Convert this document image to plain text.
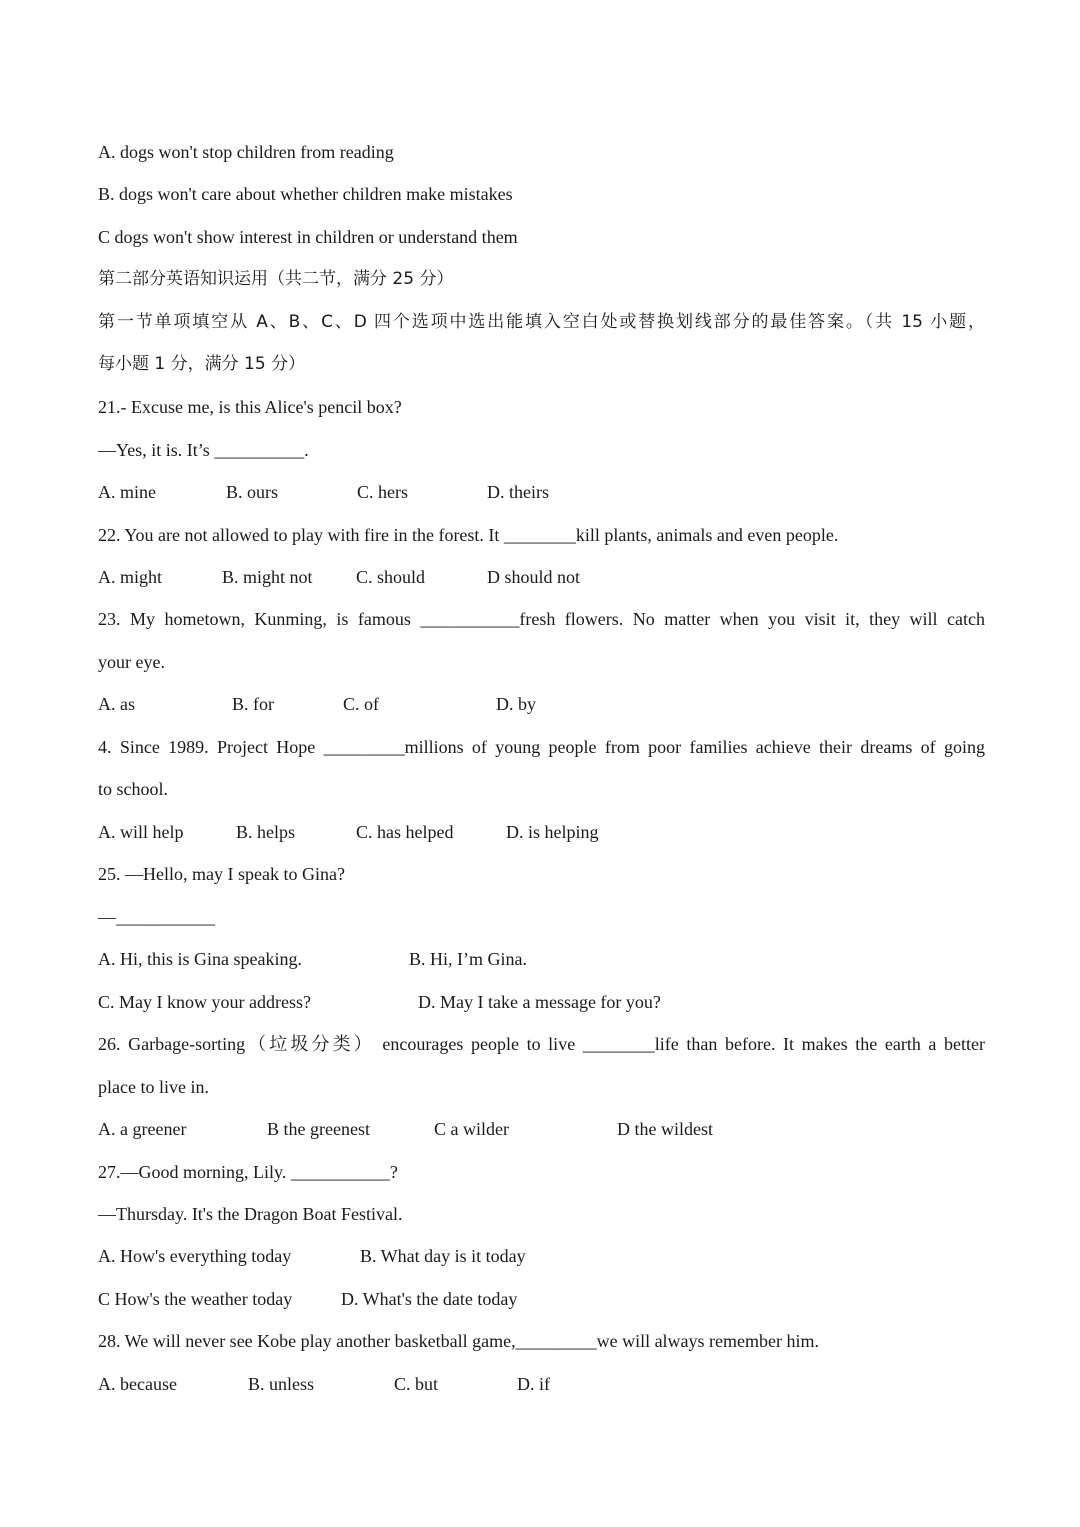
A. dogs won't stop children from reading

B. dogs won't care about whether children make mistakes

C dogs won't show interest in children or understand them

第二部分英语知识运用（共二节，满分 25 分）

第一节单项填空从 A、B、C、D 四个选项中选出能填入空白处或替换划线部分的最佳答案。（共 15 小题，

每小题 1 分，满分 15 分）

21.- Excuse me, is this Alice's pencil box?

—Yes, it is. It’s __________.

A. mine	B. ours	C. hers	D. theirs

22. You are not allowed to play with fire in the forest. It ________kill plants, animals and even people.

A. might	B. might not C. should	D should not

23. My hometown, Kunming, is famous ___________fresh flowers. No matter when you visit it, they will catch

your eye.

A. as	B. for	C. of	D. by

4. Since 1989. Project Hope _________millions of young people from poor families achieve their dreams of going

to school.

A. will help	B. helps	C. has helped	D. is helping

25. —Hello, may I speak to Gina?

—___________

A. Hi, this is Gina speaking.	B. Hi, I’m Gina.
C. May I know your address?	D. May I take a message for you?

26. Garbage-sorting（垃圾分类） encourages people to live ________life than before. It makes the earth a better

place to live in.

A. a greener	B the greenest	C a wilder	D the wildest

27.—Good morning, Lily. ___________?

—Thursday. It's the Dragon Boat Festival.

A. How's everything today	B. What day is it today
C How's the weather today	D. What's the date today

28. We will never see Kobe play another basketball game,_________we will always remember him.

A. because	B. unless	C. but	D. if
